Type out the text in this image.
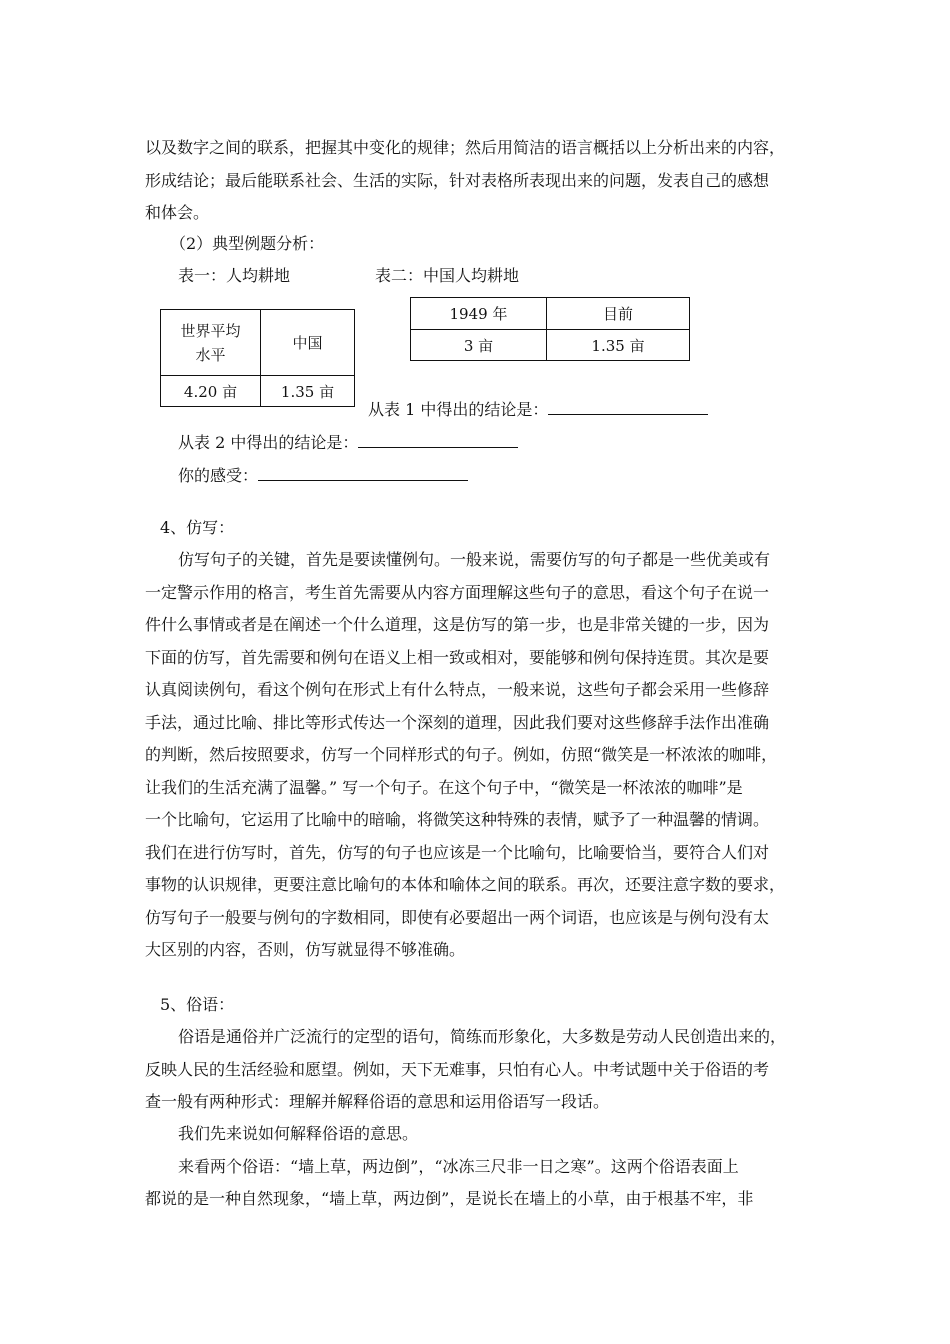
以及数字之间的联系，把握其中变化的规律；然后用简洁的语言概括以上分析出来的内容，
形成结论；最后能联系社会、生活的实际，针对表格所表现出来的问题，发表自己的感想
和体会。
（2）典型例题分析：
表一：人均耕地	表二：中国人均耕地
世界平均
水平	中国
4.20 亩	1.35 亩
1949 年	目前
3 亩	1.35 亩
从表 1 中得出的结论是：
从表 2 中得出的结论是：
你的感受：
4、仿写：
仿写句子的关键，首先是要读懂例句。一般来说，需要仿写的句子都是一些优美或有
一定警示作用的格言，考生首先需要从内容方面理解这些句子的意思，看这个句子在说一
件什么事情或者是在阐述一个什么道理，这是仿写的第一步，也是非常关键的一步，因为
下面的仿写，首先需要和例句在语义上相一致或相对，要能够和例句保持连贯。其次是要
认真阅读例句，看这个例句在形式上有什么特点，一般来说，这些句子都会采用一些修辞
手法，通过比喻、排比等形式传达一个深刻的道理，因此我们要对这些修辞手法作出准确
的判断，然后按照要求，仿写一个同样形式的句子。例如，仿照“微笑是一杯浓浓的咖啡，
让我们的生活充满了温馨。” 写一个句子。在这个句子中，“微笑是一杯浓浓的咖啡”是
一个比喻句，它运用了比喻中的暗喻，将微笑这种特殊的表情，赋予了一种温馨的情调。
我们在进行仿写时，首先，仿写的句子也应该是一个比喻句，比喻要恰当，要符合人们对
事物的认识规律，更要注意比喻句的本体和喻体之间的联系。再次，还要注意字数的要求，
仿写句子一般要与例句的字数相同，即使有必要超出一两个词语，也应该是与例句没有太
大区别的内容，否则，仿写就显得不够准确。
5、俗语：
俗语是通俗并广泛流行的定型的语句，简练而形象化，大多数是劳动人民创造出来的，
反映人民的生活经验和愿望。例如，天下无难事，只怕有心人。中考试题中关于俗语的考
查一般有两种形式：理解并解释俗语的意思和运用俗语写一段话。
我们先来说如何解释俗语的意思。
来看两个俗语：“墙上草，两边倒”，“冰冻三尺非一日之寒”。这两个俗语表面上
都说的是一种自然现象，“墙上草，两边倒”，是说长在墙上的小草，由于根基不牢，非
